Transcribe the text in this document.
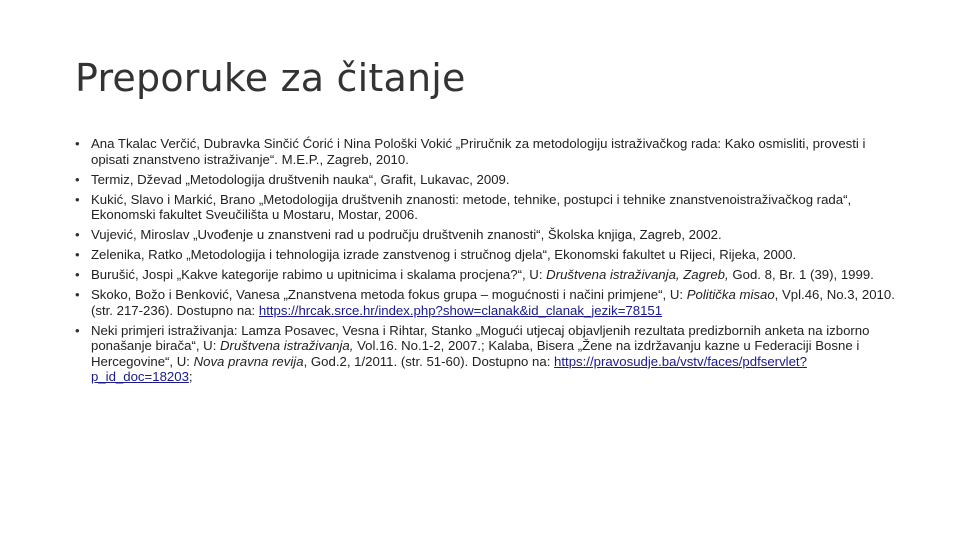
Preporuke za čitanje
• Ana Tkalac Verčić, Dubravka Sinčić Ćorić i Nina Pološki Vokić „Priručnik za metodologiju istraživačkog rada: Kako osmisliti, provesti i opisati znanstveno istraživanje“. M.E.P., Zagreb, 2010.
• Termiz, Dževad „Metodologija društvenih nauka“, Grafit, Lukavac, 2009.
• Kukić, Slavo i Markić, Brano „Metodologija društvenih znanosti: metode, tehnike, postupci i tehnike znanstvenoistraživačkog rada“, Ekonomski fakultet Sveučilišta u Mostaru, Mostar, 2006.
• Vujević, Miroslav „Uvođenje u znanstveni rad u području društvenih znanosti“, Školska knjiga, Zagreb, 2002.
• Zelenika, Ratko „Metodologija i tehnologija izrade zanstvenog i stručnog djela“, Ekonomski fakultet u Rijeci, Rijeka, 2000.
• Burušić, Jospi „Kakve kategorije rabimo u upitnicima i skalama procjena?“, U: Društvena istraživanja, Zagreb, God. 8, Br. 1 (39), 1999.
• Skoko, Božo i Benković, Vanesa „Znanstvena metoda fokus grupa – mogućnosti i načini primjene“, U: Politička misao, Vpl.46, No.3, 2010. (str. 217-236). Dostupno na: https://hrcak.srce.hr/index.php?show=clanak&id_clanak_jezik=78151
• Neki primjeri istraživanja: Lamza Posavec, Vesna i Rihtar, Stanko „Mogući utjecaj objavljenih rezultata predizbornih anketa na izborno ponašanje birača“, U: Društvena istraživanja, Vol.16. No.1-2, 2007.; Kalaba, Bisera „Žene na izdržavanju kazne u Federaciji Bosne i Hercegovine“, U: Nova pravna revija, God.2, 1/2011. (str. 51-60). Dostupno na: https://pravosudje.ba/vstv/faces/pdfservlet?p_id_doc=18203;
